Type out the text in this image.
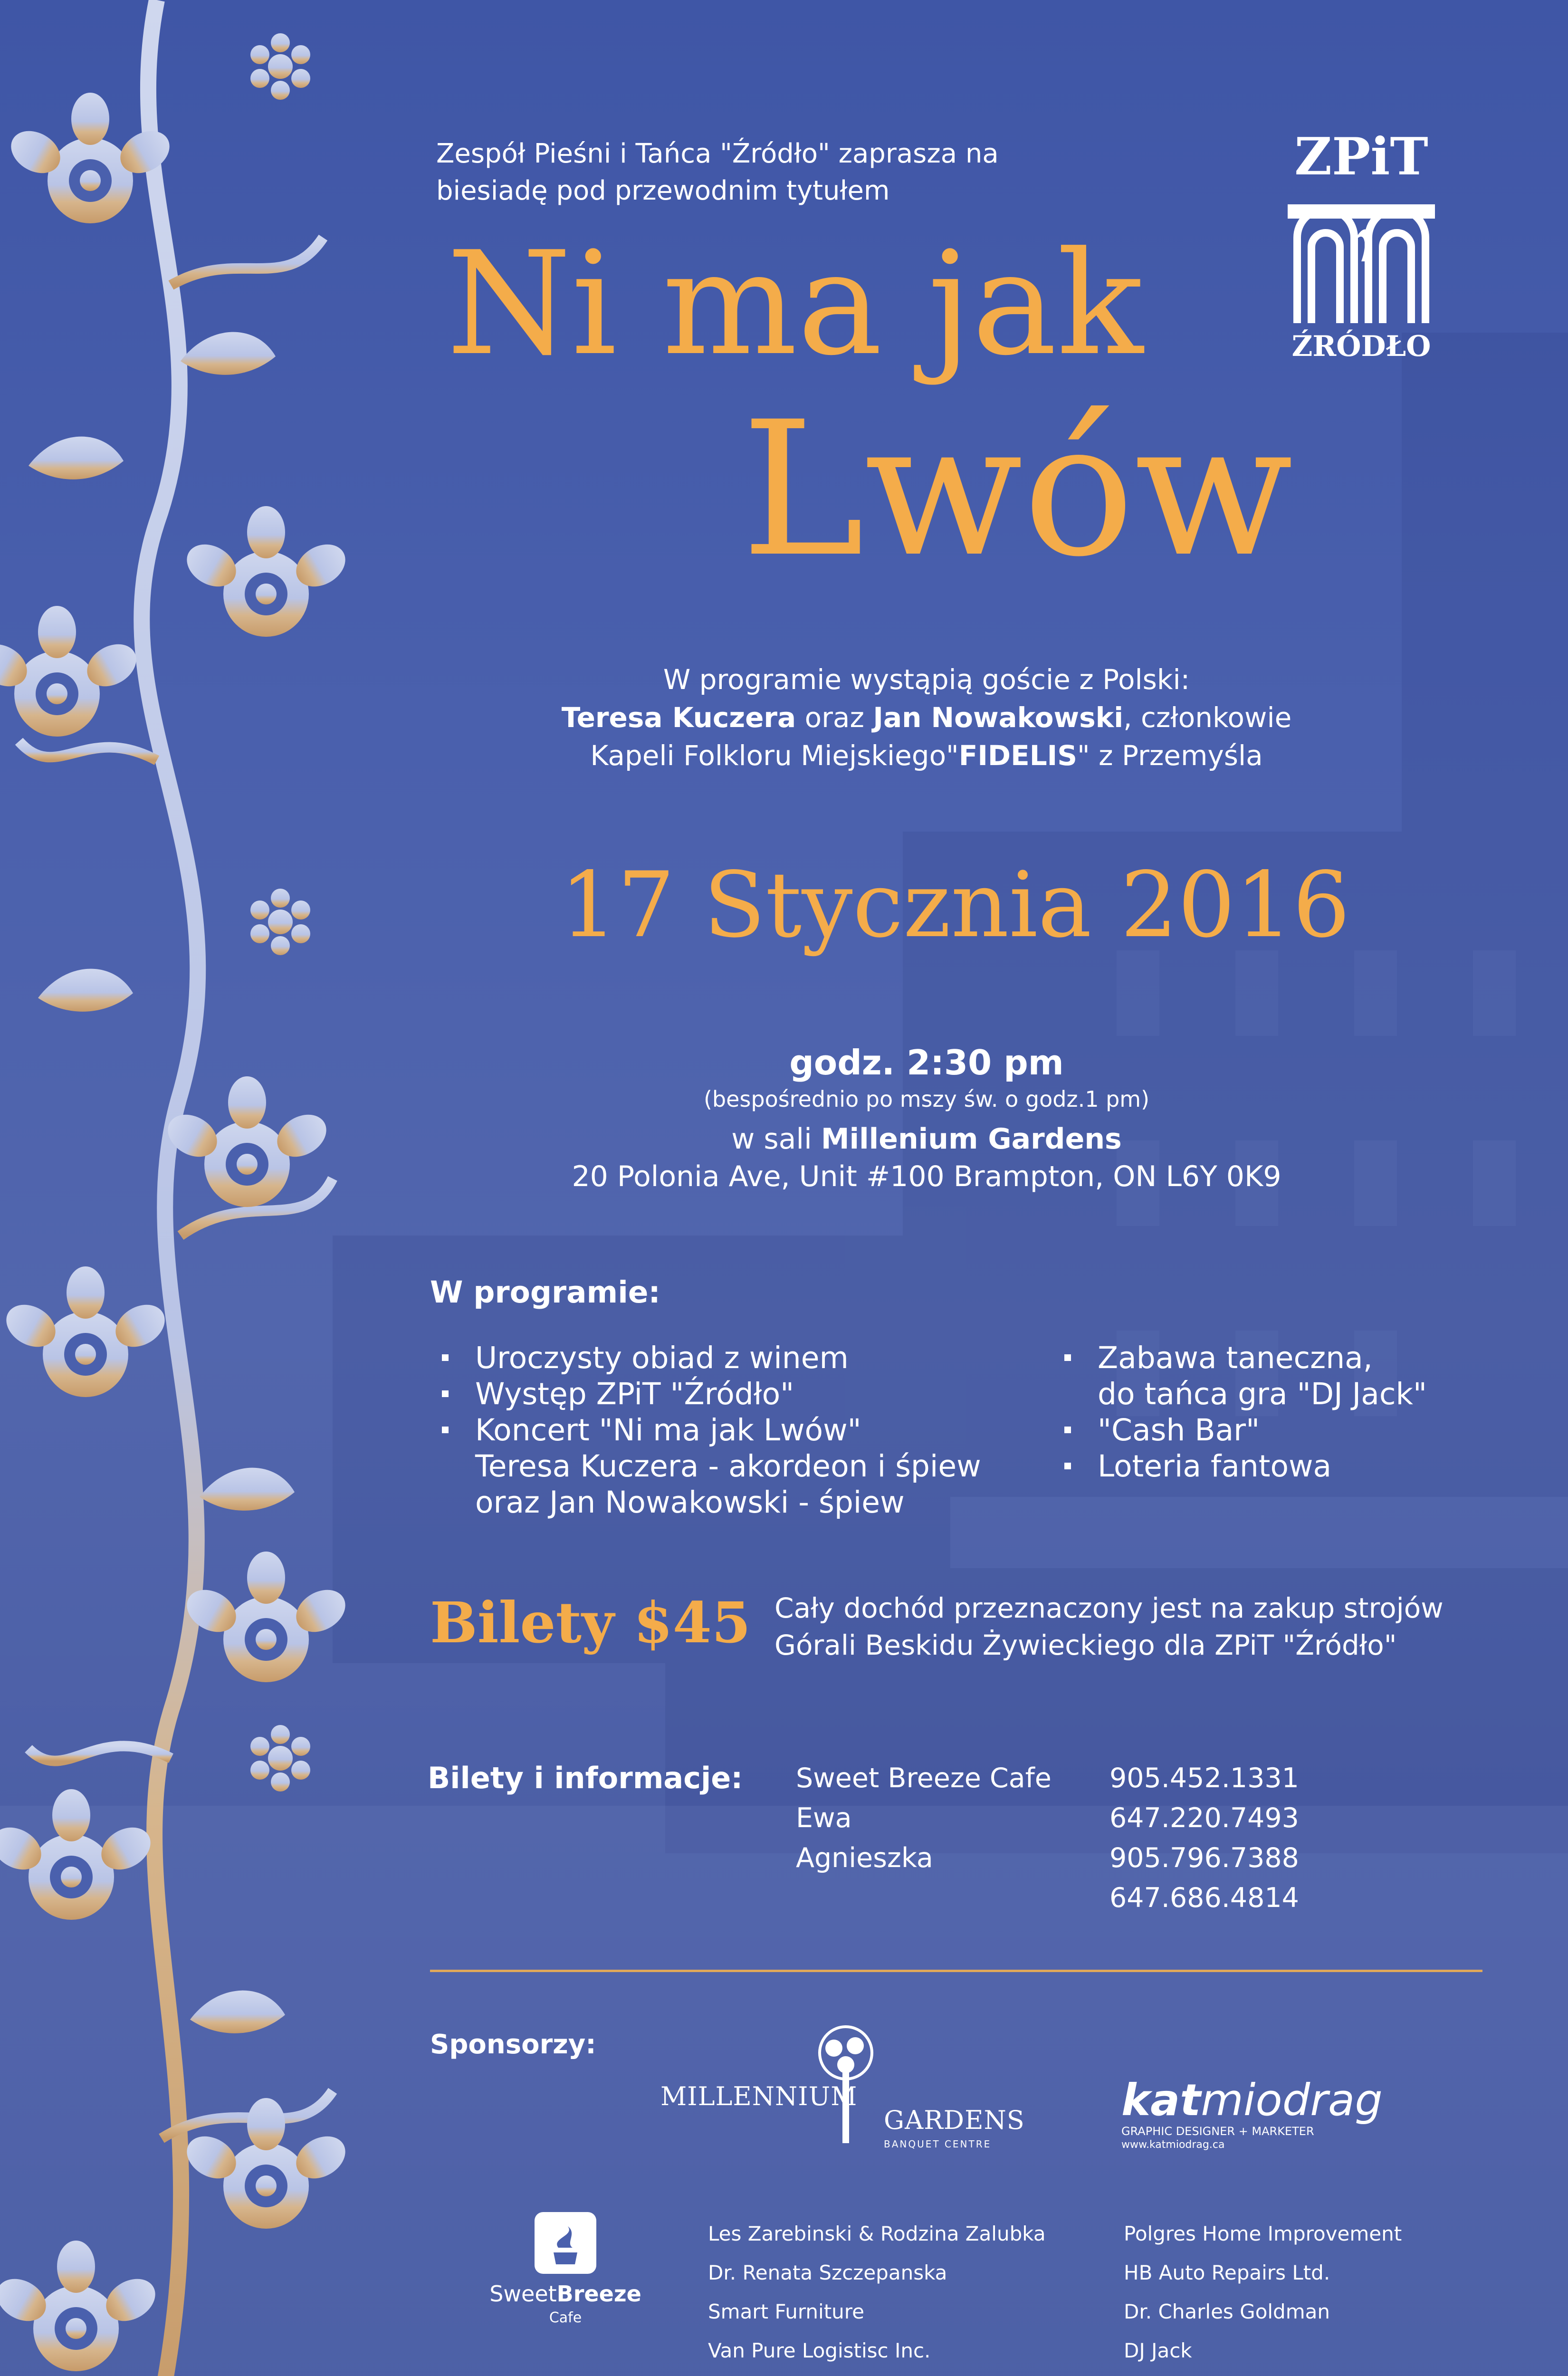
Zespół Pieśni i Tańca "Źródło" zaprasza na
biesiadę pod przewodnim tytułem
ZPiT
ŹRÓDŁO
Ni ma jak
Lwów
W programie wystąpią goście z Polski:
Teresa Kuczera oraz Jan Nowakowski, członkowie
Kapeli Folkloru Miejskiego"FIDELIS" z Przemyśla
17 Stycznia 2016
godz. 2:30 pm
(bespośrednio po mszy św. o godz.1 pm)
w sali Millenium Gardens
20 Polonia Ave, Unit #100 Brampton, ON L6Y 0K9
W programie:
Uroczysty obiad z winem
Występ ZPiT "Źródło"
Koncert "Ni ma jak Lwów"
Teresa Kuczera - akordeon i śpiew
oraz Jan Nowakowski - śpiew
Zabawa taneczna,
do tańca gra "DJ Jack"
"Cash Bar"
Loteria fantowa
Bilety $45 Cały dochód przeznaczony jest na zakup strojów
Górali Beskidu Żywieckiego dla ZPiT "Źródło"
Bilety i informacje: Sweet Breeze Cafe
Ewa
Agnieszka
905.452.1331
647.220.7493
905.796.7388
647.686.4814
Sponsorzy:
MILLENNIUM
GARDENS
BANQUET CENTRE
katmiodrag
GRAPHIC DESIGNER + MARKETER
www.katmiodrag.ca
SweetBreeze
Cafe
Les Zarebinski & Rodzina Zalubka
Dr. Renata Szczepanska
Smart Furniture
Van Pure Logistisc Inc.
Polgres Home Improvement
HB Auto Repairs Ltd.
Dr. Charles Goldman
DJ Jack
